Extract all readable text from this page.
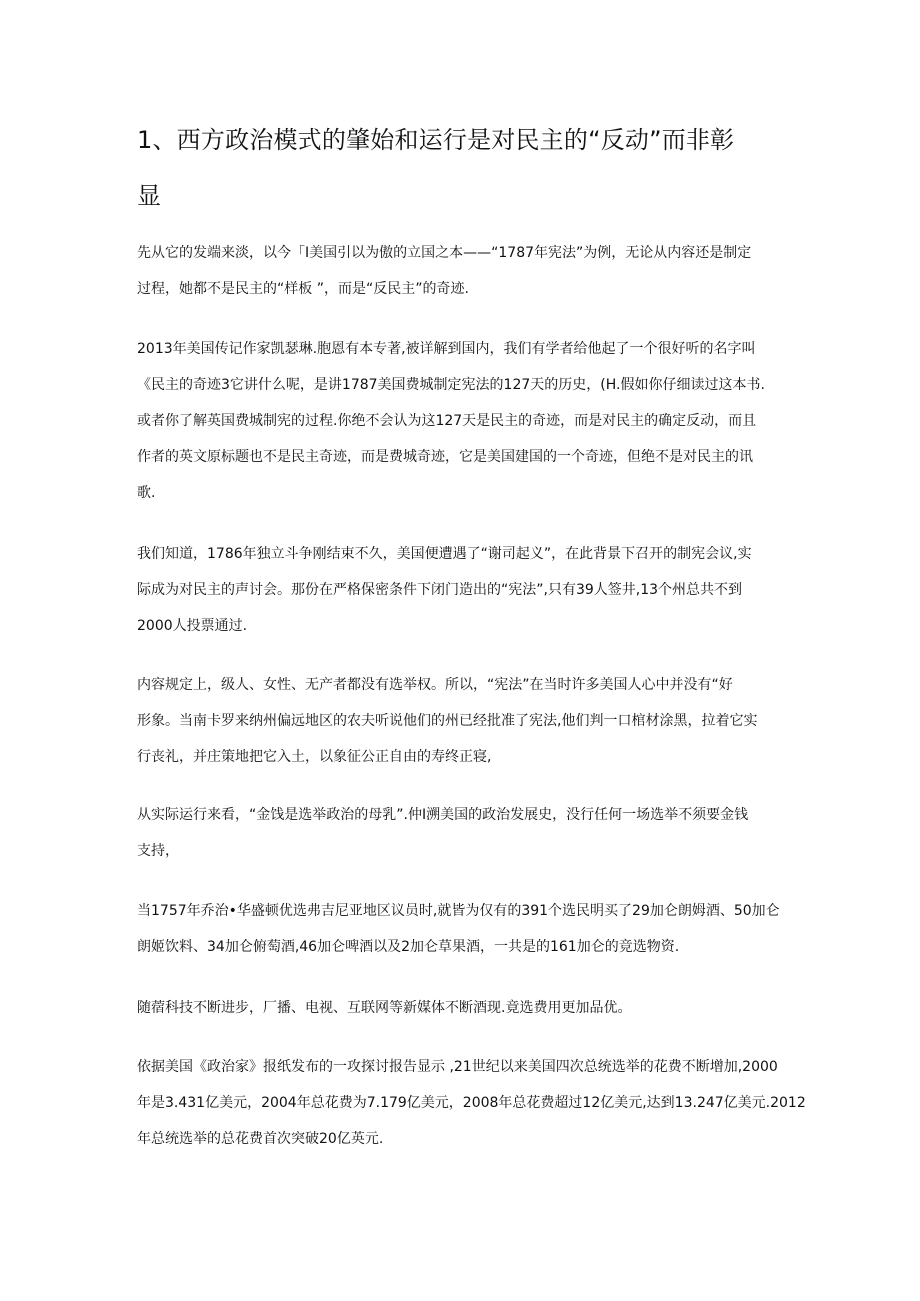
1、西方政治模式的肇始和运行是对民主的“反动”而非彰
显

先从它的发端来淡，以今「I美国引以为傲的立国之本——“1787年宪法”为例，无论从内容还是制定
过程，她都不是民主的“样板 ”，而是“反民主”的奇迹.

2013年美国传记作家凯瑟琳.胞恩有本专著,被详解到国内，我们有学者给他起了一个很好听的名字叫
《民主的奇迹3它讲什么呢，是讲1787美国费城制定宪法的127天的历史，(H.假如你仔细读过这本书.
或者你了解英国费城制宪的过程.你绝不会认为这127天是民主的奇迹，而是对民主的确定反动，而且
作者的英文原标题也不是民主奇迹，而是费城奇迹，它是美国建国的一个奇迹，但绝不是对民主的讯
歌.

我们知道，1786年独立斗争刚结束不久，美国便遭遇了“谢司起义”，在此背景下召开的制宪会议,实
际成为对民主的声讨会。那份在严格保密条件下闭门造出的“宪法”,只有39人签井,13个州总共不到
2000人投票通过.

内容规定上，级人、女性、无产者都没有选举权。所以，“宪法”在当时许多美国人心中并没有“好
形象。当南卡罗来纳州偏远地区的农夫听说他们的州已经批准了宪法,他们判一口棺材涂黑，拉着它实
行丧礼，并庄策地把它入土，以象征公正自由的寿终正寝,

从实际运行来看，“金饯是选举政治的母乳”.仲I溯美国的政治发展史，没行任何一场选举不须要金钱
支持，

当1757年乔治•华盛顿优选弗吉尼亚地区议员时,就皆为仅有的391个选民明买了29加仑朗姆酒、50加仑
朗姬饮料、34加仑俯萄酒,46加仑啤酒以及2加仑草果酒，一共是的161加仑的竞选物资.

随蓿科技不断进步，厂播、电视、互联网等新媒体不断酒现.竟选费用更加品优。

依据美国《政治家》报纸发布的一攻探讨报告显示 ,21世纪以来美国四次总统选举的花费不断增加,2000
年是3.431亿美元，2004年总花费为7.179亿美元，2008年总花费超过12亿美元,达到13.247亿美元.2012
年总统选举的总花费首次突破20亿英元.
